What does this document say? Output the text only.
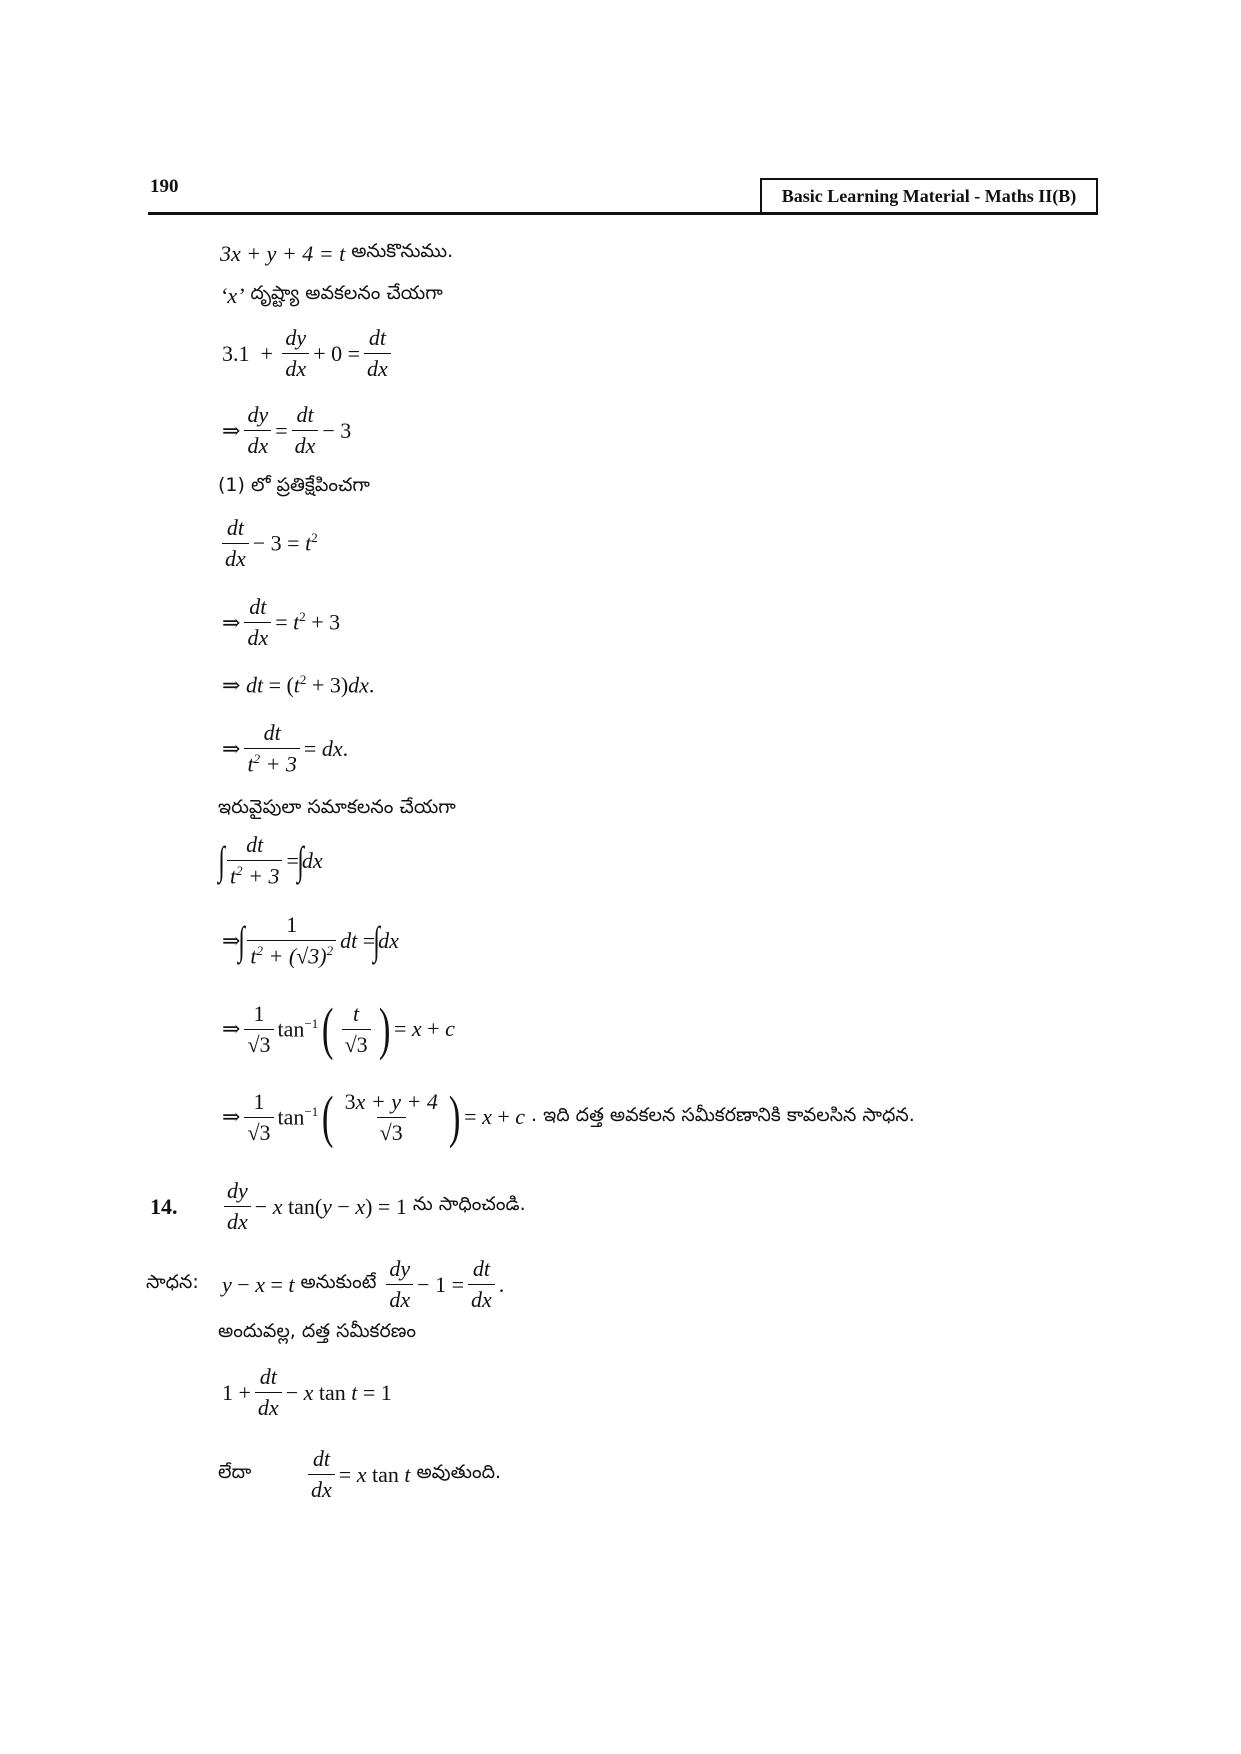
190	Basic Learning Material - Maths II(B)
3x + y + 4 = t అనుకొనుము.
‘x’ దృష్ట్యా అవకలనం చేయగా
$3.1 + \frac{dy}{dx} + 0 = \frac{dt}{dx}$
⇒ $\frac{dy}{dx} = \frac{dt}{dx} - 3$
(1) లో ప్రతిక్షేపించగా
$\frac{dt}{dx} - 3 = t^2$
⇒ $\frac{dt}{dx} = t^2 + 3$
⇒ dt = $(t^2 + 3)dx$.
⇒ $\frac{dt}{t^2 + 3}$ = dx.
ఇరువైపులా సమాకలనం చేయగా
∫ $\frac{dt}{t^2 + 3}$ =
∫
dx
⇒
∫ $\frac{1}{t^2 + (√3)^2}$ dt =
∫
dx
⇒ $\frac{1}{√3} \tan^{-1}$ ( $\frac{t}{√3}$ ) = x + c
⇒ $\frac{1}{√3} \tan^{-1}$ ( $\frac{3x + y + 4}{√3}$ ) = x + c . ఇది దత్త అవకలన సమీకరణానికి కావలసిన సాధన.
14.	$\frac{dy}{dx} - x$ tan(y − x) = 1 ను సాధించండి.
సాధన:	y − x = t అనుకుంటే $\frac{dy}{dx} - 1 = \frac{dt}{dx}$ .
అందువల్ల, దత్త సమీకరణం
$1 + \frac{dt}{dx} - x$ tan t = 1
లేదా	$\frac{dt}{dx} = x$ tan t అవుతుంది.
